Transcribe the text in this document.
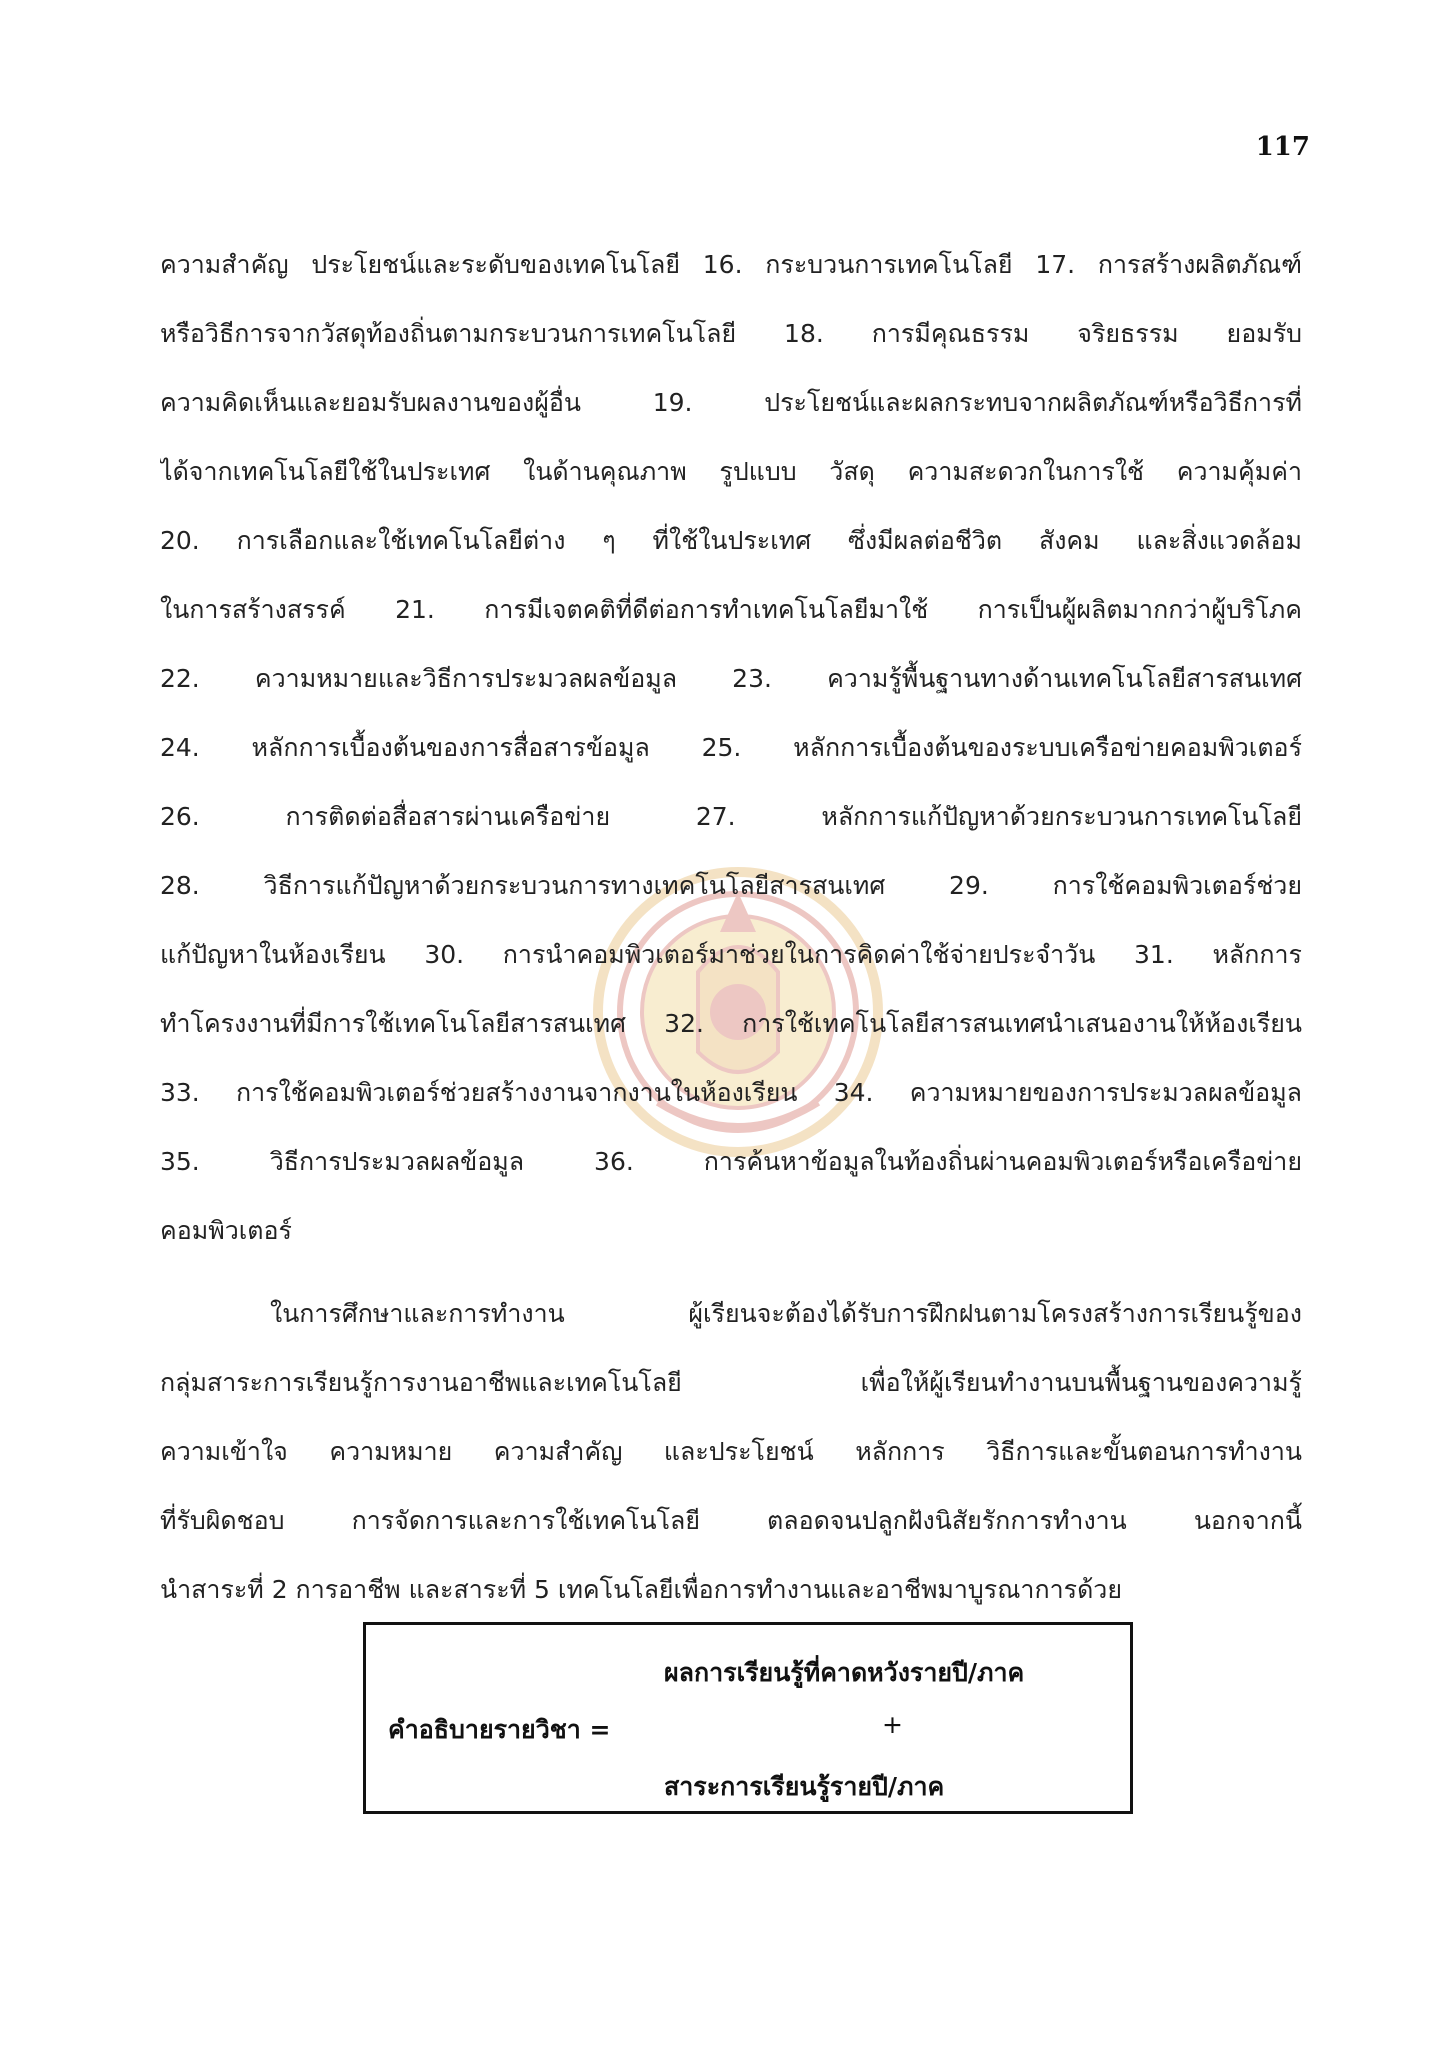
117
ความสำคัญ ประโยชน์และระดับของเทคโนโลยี 16. กระบวนการเทคโนโลยี 17. การสร้างผลิตภัณฑ์
หรือวิธีการจากวัสดุท้องถิ่นตามกระบวนการเทคโนโลยี 18. การมีคุณธรรม จริยธรรม ยอมรับ
ความคิดเห็นและยอมรับผลงานของผู้อื่น 19. ประโยชน์และผลกระทบจากผลิตภัณฑ์หรือวิธีการที่
ได้จากเทคโนโลยีใช้ในประเทศ ในด้านคุณภาพ รูปแบบ วัสดุ ความสะดวกในการใช้ ความคุ้มค่า
20. การเลือกและใช้เทคโนโลยีต่าง ๆ ที่ใช้ในประเทศ ซึ่งมีผลต่อชีวิต สังคม และสิ่งแวดล้อม
ในการสร้างสรรค์ 21. การมีเจตคติที่ดีต่อการทำเทคโนโลยีมาใช้ การเป็นผู้ผลิตมากกว่าผู้บริโภค
22. ความหมายและวิธีการประมวลผลข้อมูล 23. ความรู้พื้นฐานทางด้านเทคโนโลยีสารสนเทศ
24. หลักการเบื้องต้นของการสื่อสารข้อมูล 25. หลักการเบื้องต้นของระบบเครือข่ายคอมพิวเตอร์
26. การติดต่อสื่อสารผ่านเครือข่าย 27. หลักการแก้ปัญหาด้วยกระบวนการเทคโนโลยี
28. วิธีการแก้ปัญหาด้วยกระบวนการทางเทคโนโลยีสารสนเทศ 29. การใช้คอมพิวเตอร์ช่วย
แก้ปัญหาในห้องเรียน 30. การนำคอมพิวเตอร์มาช่วยในการคิดค่าใช้จ่ายประจำวัน 31. หลักการ
ทำโครงงานที่มีการใช้เทคโนโลยีสารสนเทศ 32. การใช้เทคโนโลยีสารสนเทศนำเสนองานให้ห้องเรียน
33. การใช้คอมพิวเตอร์ช่วยสร้างงานจากงานในห้องเรียน 34. ความหมายของการประมวลผลข้อมูล
35. วิธีการประมวลผลข้อมูล 36. การค้นหาข้อมูลในท้องถิ่นผ่านคอมพิวเตอร์หรือเครือข่าย
คอมพิวเตอร์
ในการศึกษาและการทำงาน ผู้เรียนจะต้องได้รับการฝึกฝนตามโครงสร้างการเรียนรู้ของ
กลุ่มสาระการเรียนรู้การงานอาชีพและเทคโนโลยี เพื่อให้ผู้เรียนทำงานบนพื้นฐานของความรู้
ความเข้าใจ ความหมาย ความสำคัญ และประโยชน์ หลักการ วิธีการและขั้นตอนการทำงาน
ที่รับผิดชอบ การจัดการและการใช้เทคโนโลยี ตลอดจนปลูกฝังนิสัยรักการทำงาน นอกจากนี้
นำสาระที่ 2 การอาชีพ และสาระที่ 5 เทคโนโลยีเพื่อการทำงานและอาชีพมาบูรณาการด้วย
คำอธิบายรายวิชา =
ผลการเรียนรู้ที่คาดหวังรายปี/ภาค
+
สาระการเรียนรู้รายปี/ภาค
